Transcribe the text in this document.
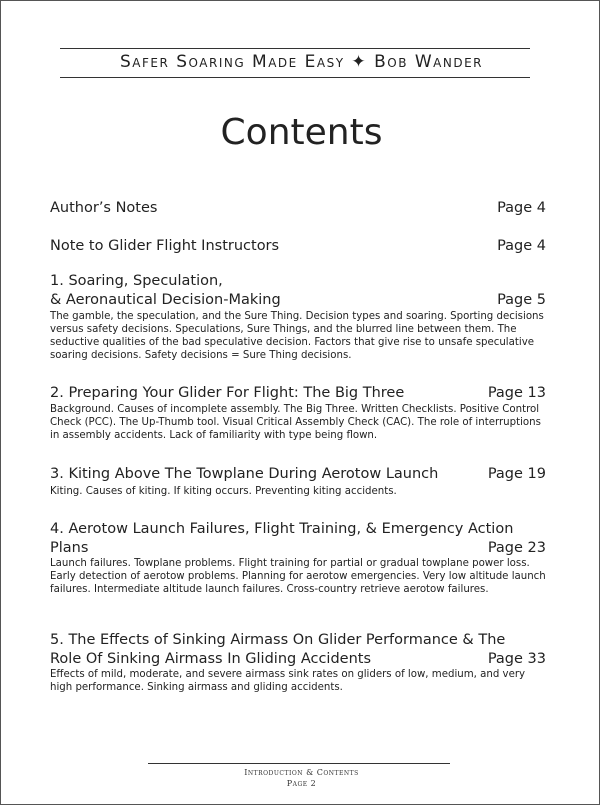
Safer Soaring Made Easy ✦ Bob Wander
Contents
Author’s Notes	Page 4
Note to Glider Flight Instructors	Page 4
1. Soaring, Speculation,
& Aeronautical Decision-Making	Page 5
The gamble, the speculation, and the Sure Thing. Decision types and soaring. Sporting decisions versus safety decisions. Speculations, Sure Things, and the blurred line between them. The seductive qualities of the bad speculative decision. Factors that give rise to unsafe speculative soaring decisions. Safety decisions = Sure Thing decisions.
2. Preparing Your Glider For Flight: The Big Three	Page 13
Background. Causes of incomplete assembly. The Big Three. Written Checklists. Positive Control Check (PCC). The Up-Thumb tool. Visual Critical Assembly Check (CAC). The role of interruptions in assembly accidents. Lack of familiarity with type being flown.
3. Kiting Above The Towplane During Aerotow Launch	Page 19
Kiting. Causes of kiting. If kiting occurs. Preventing kiting accidents.
4. Aerotow Launch Failures, Flight Training, & Emergency Action
Plans	Page 23
Launch failures. Towplane problems. Flight training for partial or gradual towplane power loss. Early detection of aerotow problems. Planning for aerotow emergencies. Very low altitude launch failures. Intermediate altitude launch failures. Cross-country retrieve aerotow failures.
5. The Effects of Sinking Airmass On Glider Performance & The
Role Of Sinking Airmass In Gliding Accidents	Page 33
Effects of mild, moderate, and severe airmass sink rates on gliders of low, medium, and very high performance. Sinking airmass and gliding accidents.
Introduction & Contents
Page 2
